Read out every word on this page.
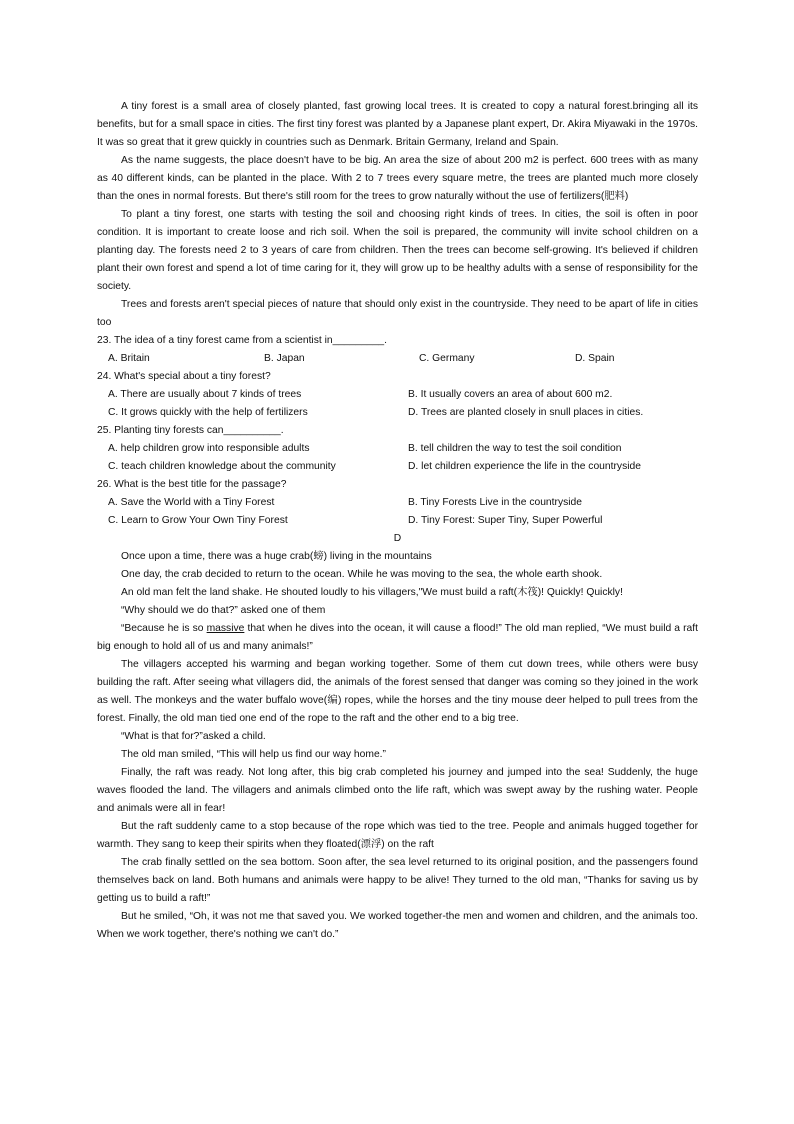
A tiny forest is a small area of closely planted, fast growing local trees. It is created to copy a natural forest.bringing all its benefits, but for a small space in cities. The first tiny forest was planted by a Japanese plant expert, Dr. Akira Miyawaki in the 1970s. It was so great that it grew quickly in countries such as Denmark. Britain Germany, Ireland and Spain.

As the name suggests, the place doesn't have to be big. An area the size of about 200 m2 is perfect. 600 trees with as many as 40 different kinds, can be planted in the place. With 2 to 7 trees every square metre, the trees are planted much more closely than the ones in normal forests. But there's still room for the trees to grow naturally without the use of fertilizers(肥料)

To plant a tiny forest, one starts with testing the soil and choosing right kinds of trees. In cities, the soil is often in poor condition. It is important to create loose and rich soil. When the soil is prepared, the community will invite school children on a planting day. The forests need 2 to 3 years of care from children. Then the trees can become self-growing. It's believed if children plant their own forest and spend a lot of time caring for it, they will grow up to be healthy adults with a sense of responsibility for the society.

Trees and forests aren't special pieces of nature that should only exist in the countryside. They need to be apart of life in cities too

23. The idea of a tiny forest came from a scientist in_________.

A. Britain	B. Japan	C. Germany	D. Spain

24. What's special about a tiny forest?

A. There are usually about 7 kinds of trees	B. It usually covers an area of about 600 m2.
C. It grows quickly with the help of fertilizers	D. Trees are planted closely in snull places in cities.

25. Planting tiny forests can__________.

A. help children grow into responsible adults	B. tell children the way to test the soil condition
C. teach children knowledge about the community	D. let children experience the life in the countryside

26. What is the best title for the passage?

A. Save the World with a Tiny Forest	B. Tiny Forests Live in the countryside
C. Learn to Grow Your Own Tiny Forest	D. Tiny Forest: Super Tiny, Super Powerful

D

Once upon a time, there was a huge crab(螃) living in the mountains

One day, the crab decided to return to the ocean. While he was moving to the sea, the whole earth shook.

An old man felt the land shake. He shouted loudly to his villagers,"We must build a raft(木筏)! Quickly! Quickly!

“Why should we do that?” asked one of them

“Because he is so massive that when he dives into the ocean, it will cause a flood!” The old man replied, “We must build a raft big enough to hold all of us and many animals!”

The villagers accepted his warming and began working together. Some of them cut down trees, while others were busy building the raft. After seeing what villagers did, the animals of the forest sensed that danger was coming so they joined in the work as well. The monkeys and the water buffalo wove(编) ropes, while the horses and the tiny mouse deer helped to pull trees from the forest. Finally, the old man tied one end of the rope to the raft and the other end to a big tree.

“What is that for?”asked a child.

The old man smiled, “This will help us find our way home.”

Finally, the raft was ready. Not long after, this big crab completed his journey and jumped into the sea! Suddenly, the huge waves flooded the land. The villagers and animals climbed onto the life raft, which was swept away by the rushing water. People and animals were all in fear!

But the raft suddenly came to a stop because of the rope which was tied to the tree. People and animals hugged together for warmth. They sang to keep their spirits when they floated(漂浮) on the raft

The crab finally settled on the sea bottom. Soon after, the sea level returned to its original position, and the passengers found themselves back on land. Both humans and animals were happy to be alive! They turned to the old man, “Thanks for saving us by getting us to build a raft!”

But he smiled, “Oh, it was not me that saved you. We worked together-the men and women and children, and the animals too. When we work together, there's nothing we can't do.”
